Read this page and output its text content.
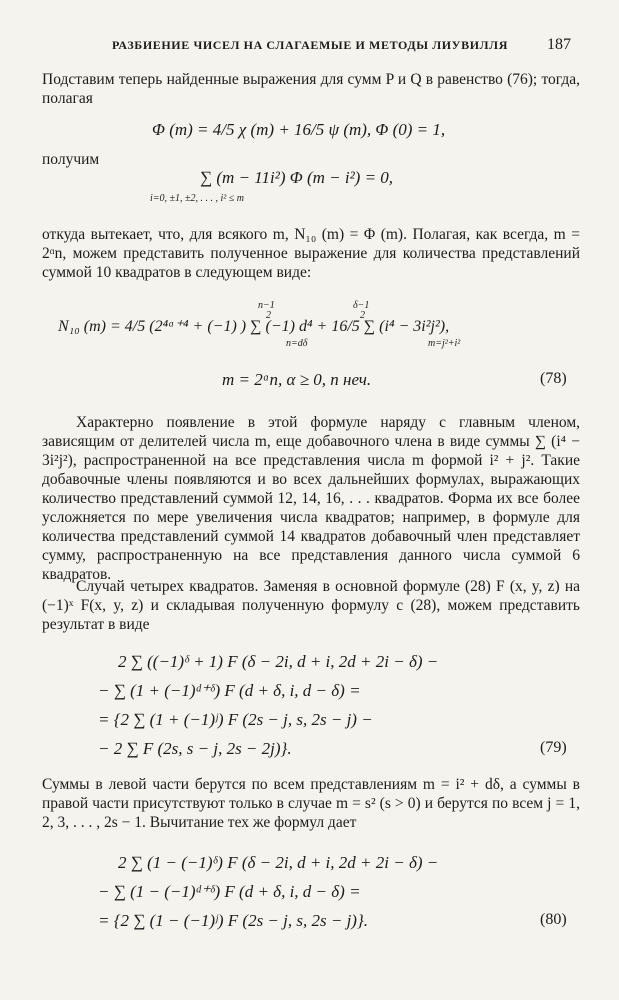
РАЗБИЕНИЕ ЧИСЕЛ НА СЛАГАЕМЫЕ И МЕТОДЫ ЛИУВИЛЛЯ 187
Подставим теперь найденные выражения для сумм P и Q в равенство (76); тогда, полагая
Φ (m) = 4/5 χ (m) + 16/5 ψ (m), Φ (0) = 1,
получим
∑ (m − 11i²) Φ (m − i²) = 0,
i=0, ±1, ±2, . . . , i² ≤ m
откуда вытекает, что, для всякого m, N₁₀ (m) = Φ (m). Полагая, как всегда, m = 2ᵅn, можем представить полученное выражение для количества представлений суммой 10 квадратов в следующем виде:
n−1
2
δ−1
2
N₁₀ (m) = 4/5 (2⁴ᵅ⁺⁴ + (−1) ) ∑ (−1) d⁴ + 16/5 ∑ (i⁴ − 3i²j²),
n=dδ	m=j²+i²
m = 2ᵅn, α ≥ 0, n неч.	(78)
Характерно появление в этой формуле наряду с главным членом, зависящим от делителей числа m, еще добавочного члена в виде суммы ∑ (i⁴ − 3i²j²), распространенной на все представления числа m формой i² + j². Такие добавочные члены появляются и во всех дальнейших формулах, выражающих количество представлений суммой 12, 14, 16, . . . квадратов. Форма их все более усложняется по мере увеличения числа квадратов; например, в формуле для количества представлений суммой 14 квадратов добавочный член представляет сумму, распространенную на все представления данного числа суммой 6 квадратов.
Случай четырех квадратов. Заменяя в основной формуле (28) F (x, y, z) на (−1)ˣ F(x, y, z) и складывая полученную формулу с (28), можем представить результат в виде
2 ∑ ((−1)ᵟ + 1) F (δ − 2i, d + i, 2d + 2i − δ) −
− ∑ (1 + (−1)ᵈ⁺ᵟ) F (d + δ, i, d − δ) =
= {2 ∑ (1 + (−1)ʲ) F (2s − j, s, 2s − j) −
− 2 ∑ F (2s, s − j, 2s − 2j)}.	(79)
Суммы в левой части берутся по всем представлениям m = i² + dδ, а суммы в правой части присутствуют только в случае m = s² (s > 0) и берутся по всем j = 1, 2, 3, . . . , 2s − 1. Вычитание тех же формул дает
2 ∑ (1 − (−1)ᵟ) F (δ − 2i, d + i, 2d + 2i − δ) −
− ∑ (1 − (−1)ᵈ⁺ᵟ) F (d + δ, i, d − δ) =
= {2 ∑ (1 − (−1)ʲ) F (2s − j, s, 2s − j)}.	(80)
